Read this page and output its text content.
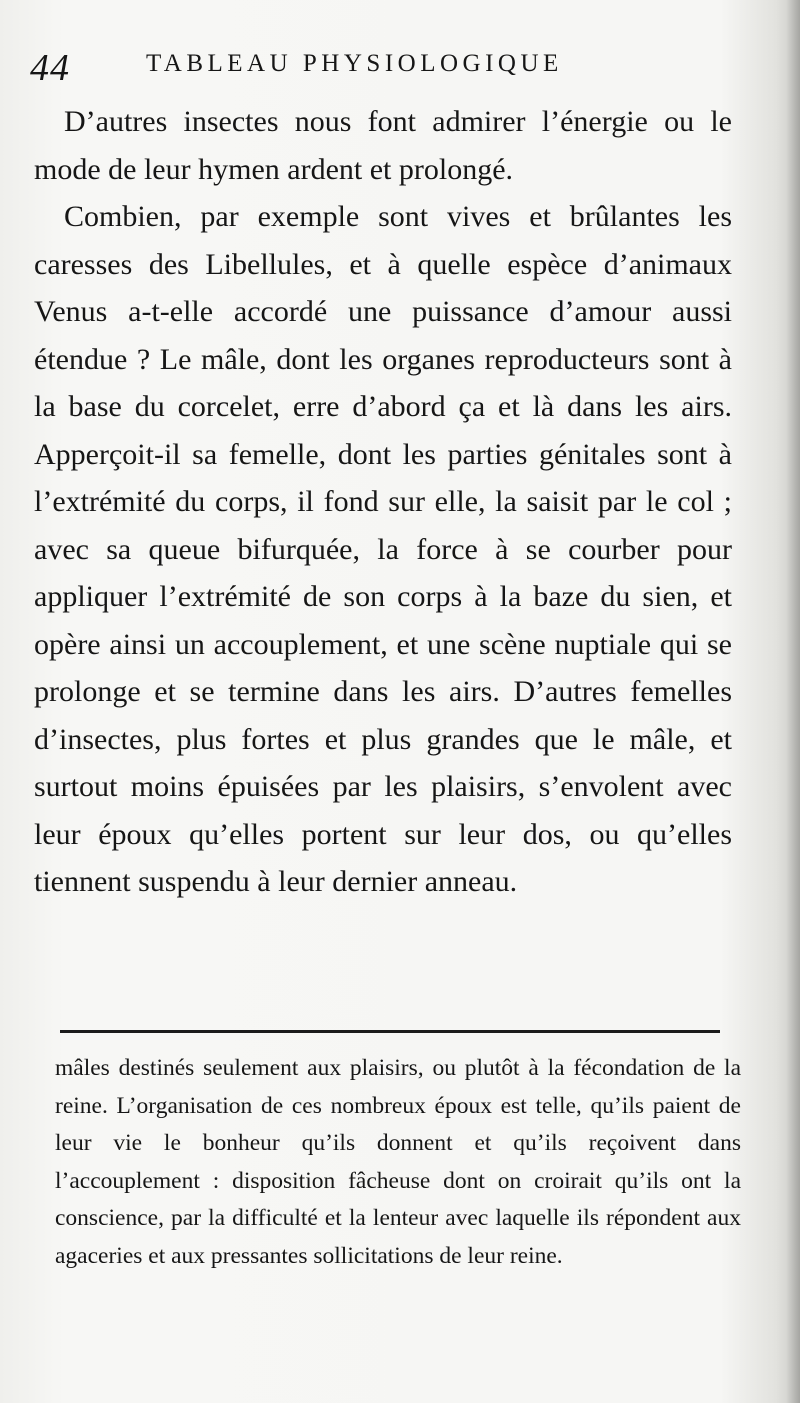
44	TABLEAU PHYSIOLOGIQUE

D’autres insectes nous font admirer l’énergie ou le mode de leur hymen ardent et prolongé.

Combien, par exemple sont vives et brûlantes les caresses des Libellules, et à quelle espèce d’animaux Venus a-t-elle accordé une puissance d’amour aussi étendue ? Le mâle, dont les organes reproducteurs sont à la base du corcelet, erre d’abord ça et là dans les airs. Apperçoit-il sa femelle, dont les parties génitales sont à l’extrémité du corps, il fond sur elle, la saisit par le col ; avec sa queue bifurquée, la force à se courber pour appliquer l’extrémité de son corps à la baze du sien, et opère ainsi un accouplement, et une scène nuptiale qui se prolonge et se termine dans les airs. D’autres femelles d’insectes, plus fortes et plus grandes que le mâle, et surtout moins épuisées par les plaisirs, s’envolent avec leur époux qu’elles portent sur leur dos, ou qu’elles tiennent suspendu à leur dernier anneau.

mâles destinés seulement aux plaisirs, ou plutôt à la fécondation de la reine. L’organisation de ces nombreux époux est telle, qu’ils paient de leur vie le bonheur qu’ils donnent et qu’ils reçoivent dans l’accouplement : disposition fâcheuse dont on croirait qu’ils ont la conscience, par la difficulté et la lenteur avec laquelle ils répondent aux agaceries et aux pressantes sollicitations de leur reine.
